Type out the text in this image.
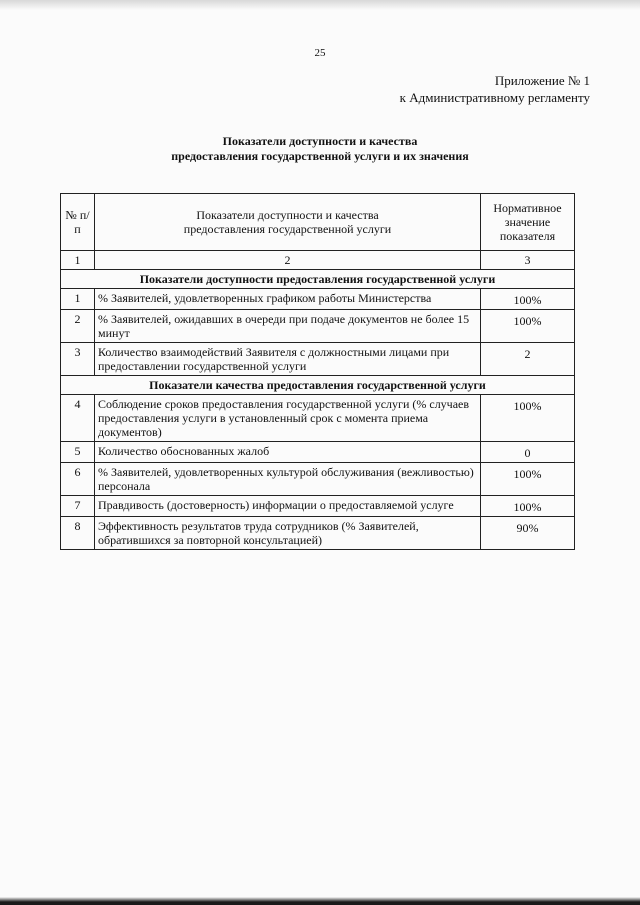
25
Приложение № 1
к Административному регламенту
Показатели доступности и качества
предоставления государственной услуги и их значения
№ п/п	Показатели доступности и качества предоставления государственной услуги	Нормативное значение показателя
1	2	3
Показатели доступности предоставления государственной услуги		
1	% Заявителей, удовлетворенных графиком работы Министерства	100%
2	% Заявителей, ожидавших в очереди при подаче документов не более 15 минут	100%
3	Количество взаимодействий Заявителя с должностными лицами при предоставлении государственной услуги	2
Показатели качества предоставления государственной услуги		
4	Соблюдение сроков предоставления государственной услуги (% случаев предоставления услуги в установленный срок с момента приема документов)	100%
5	Количество обоснованных жалоб	0
6	% Заявителей, удовлетворенных культурой обслуживания (вежливостью) персонала	100%
7	Правдивость (достоверность) информации о предоставляемой услуге	100%
8	Эффективность результатов труда сотрудников (% Заявителей, обратившихся за повторной консультацией)	90%
